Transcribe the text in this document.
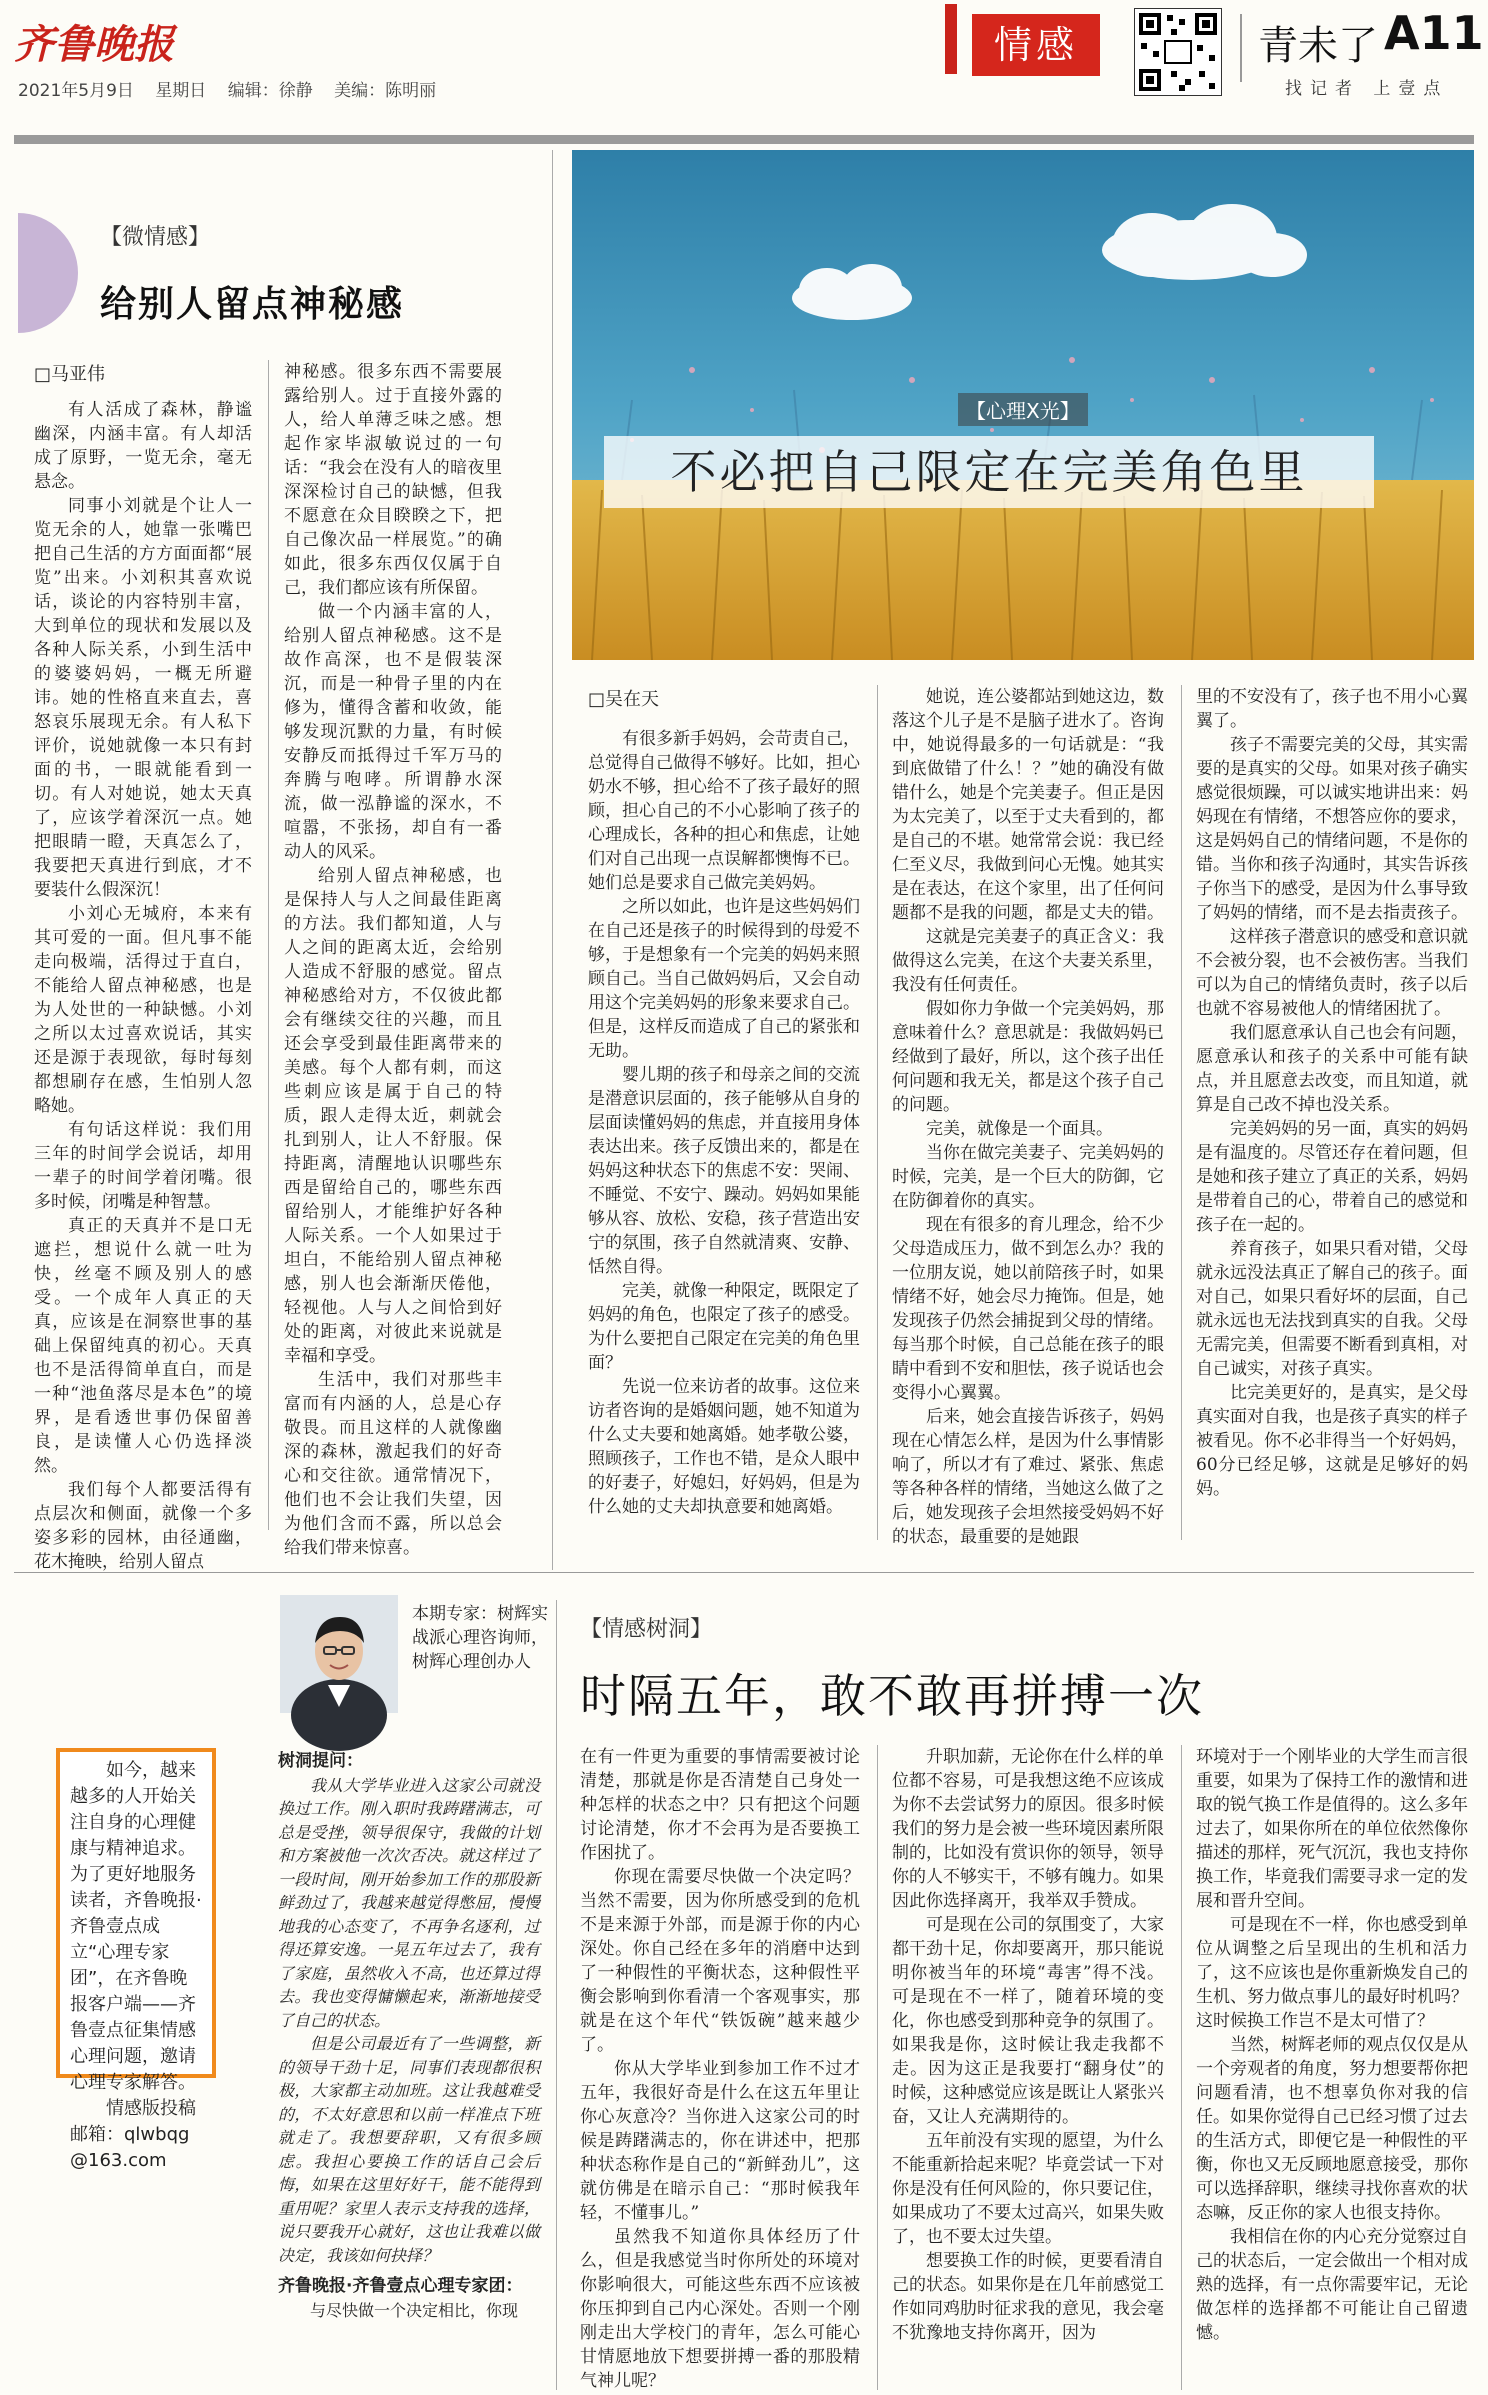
齐鲁晚报
2021年5月9日 星期日 编辑：徐静 美编：陈明丽
情感	青未了 A11
找记者 上壹点
【微情感】
给别人留点神秘感
□马亚伟

有人活成了森林，静谧幽深，内涵丰富。有人却活成了原野，一览无余，毫无悬念。

同事小刘就是个让人一览无余的人，她靠一张嘴巴把自己生活的方方面面都“展览”出来。小刘积其喜欢说话，谈论的内容特别丰富，大到单位的现状和发展以及各种人际关系，小到生活中的婆婆妈妈，一概无所避讳。她的性格直来直去，喜怒哀乐展现无余。有人私下评价，说她就像一本只有封面的书，一眼就能看到一切。有人对她说，她太天真了，应该学着深沉一点。她把眼睛一瞪，天真怎么了，我要把天真进行到底，才不要装什么假深沉！

小刘心无城府，本来有其可爱的一面。但凡事不能走向极端，活得过于直白，不能给人留点神秘感，也是为人处世的一种缺憾。小刘之所以太过喜欢说话，其实还是源于表现欲，每时每刻都想刷存在感，生怕别人忽略她。

有句话这样说：我们用三年的时间学会说话，却用一辈子的时间学着闭嘴。很多时候，闭嘴是种智慧。

真正的天真并不是口无遮拦，想说什么就一吐为快，丝毫不顾及别人的感受。一个成年人真正的天真，应该是在洞察世事的基础上保留纯真的初心。天真也不是活得简单直白，而是一种“池鱼落尽是本色”的境界，是看透世事仍保留善良，是读懂人心仍选择淡然。

我们每个人都要活得有点层次和侧面，就像一个多姿多彩的园林，由径通幽，花木掩映，给别人留点

神秘感。很多东西不需要展露给别人。过于直接外露的人，给人单薄乏味之感。想起作家毕淑敏说过的一句话：“我会在没有人的暗夜里深深检讨自己的缺憾，但我不愿意在众目睽睽之下，把自己像次品一样展览。”的确如此，很多东西仅仅属于自己，我们都应该有所保留。

做一个内涵丰富的人，给别人留点神秘感。这不是故作高深，也不是假装深沉，而是一种骨子里的内在修为，懂得含蓄和收敛，能够发现沉默的力量，有时候安静反而抵得过千军万马的奔腾与咆哮。所谓静水深流，做一泓静谧的深水，不喧嚣，不张扬，却自有一番动人的风采。

给别人留点神秘感，也是保持人与人之间最佳距离的方法。我们都知道，人与人之间的距离太近，会给别人造成不舒服的感觉。留点神秘感给对方，不仅彼此都会有继续交往的兴趣，而且还会享受到最佳距离带来的美感。每个人都有刺，而这些刺应该是属于自己的特质，跟人走得太近，刺就会扎到别人，让人不舒服。保持距离，清醒地认识哪些东西是留给自己的，哪些东西留给别人，才能维护好各种人际关系。一个人如果过于坦白，不能给别人留点神秘感，别人也会渐渐厌倦他，轻视他。人与人之间恰到好处的距离，对彼此来说就是幸福和享受。

生活中，我们对那些丰富而有内涵的人，总是心存敬畏。而且这样的人就像幽深的森林，激起我们的好奇心和交往欲。通常情况下，他们也不会让我们失望，因为他们含而不露，所以总会给我们带来惊喜。

【心理X光】
不必把自己限定在完美角色里
□吴在天

有很多新手妈妈，会苛责自己，总觉得自己做得不够好。比如，担心奶水不够，担心给不了孩子最好的照顾，担心自己的不小心影响了孩子的心理成长，各种的担心和焦虑，让她们对自己出现一点误解都懊悔不已。她们总是要求自己做完美妈妈。

之所以如此，也许是这些妈妈们在自己还是孩子的时候得到的母爱不够，于是想象有一个完美的妈妈来照顾自己。当自己做妈妈后，又会自动用这个完美妈妈的形象来要求自己。但是，这样反而造成了自己的紧张和无助。

婴儿期的孩子和母亲之间的交流是潜意识层面的，孩子能够从自身的层面读懂妈妈的焦虑，并直接用身体表达出来。孩子反馈出来的，都是在妈妈这种状态下的焦虑不安：哭闹、不睡觉、不安宁、躁动。妈妈如果能够从容、放松、安稳，孩子营造出安宁的氛围，孩子自然就清爽、安静、恬然自得。

完美，就像一种限定，既限定了妈妈的角色，也限定了孩子的感受。为什么要把自己限定在完美的角色里面？

先说一位来访者的故事。这位来访者咨询的是婚姻问题，她不知道为什么丈夫要和她离婚。她孝敬公婆，照顾孩子，工作也不错，是众人眼中的好妻子，好媳妇，好妈妈，但是为什么她的丈夫却执意要和她离婚。

她说，连公婆都站到她这边，数落这个儿子是不是脑子进水了。咨询中，她说得最多的一句话就是：“我到底做错了什么！？”她的确没有做错什么，她是个完美妻子。但正是因为太完美了，以至于丈夫看到的，都是自己的不堪。她常常会说：我已经仁至义尽，我做到问心无愧。她其实是在表达，在这个家里，出了任何问题都不是我的问题，都是丈夫的错。

这就是完美妻子的真正含义：我做得这么完美，在这个夫妻关系里，我没有任何责任。

假如你力争做一个完美妈妈，那意味着什么？意思就是：我做妈妈已经做到了最好，所以，这个孩子出任何问题和我无关，都是这个孩子自己的问题。

完美，就像是一个面具。

当你在做完美妻子、完美妈妈的时候，完美，是一个巨大的防御，它在防御着你的真实。

现在有很多的育儿理念，给不少父母造成压力，做不到怎么办？我的一位朋友说，她以前陪孩子时，如果情绪不好，她会尽力掩饰。但是，她发现孩子仍然会捕捉到父母的情绪。每当那个时候，自己总能在孩子的眼睛中看到不安和胆怯，孩子说话也会变得小心翼翼。

后来，她会直接告诉孩子，妈妈现在心情怎么样，是因为什么事情影响了，所以才有了难过、紧张、焦虑等各种各样的情绪，当她这么做了之后，她发现孩子会坦然接受妈妈不好的状态，最重要的是她跟

里的不安没有了，孩子也不用小心翼翼了。

孩子不需要完美的父母，其实需要的是真实的父母。如果对孩子确实感觉很烦躁，可以诚实地讲出来：妈妈现在有情绪，不想答应你的要求，这是妈妈自己的情绪问题，不是你的错。当你和孩子沟通时，其实告诉孩子你当下的感受，是因为什么事导致了妈妈的情绪，而不是去指责孩子。

这样孩子潜意识的感受和意识就不会被分裂，也不会被伤害。当我们可以为自己的情绪负责时，孩子以后也就不容易被他人的情绪困扰了。

我们愿意承认自己也会有问题，愿意承认和孩子的关系中可能有缺点，并且愿意去改变，而且知道，就算是自己改不掉也没关系。

完美妈妈的另一面，真实的妈妈是有温度的。尽管还存在着问题，但是她和孩子建立了真正的关系，妈妈是带着自己的心，带着自己的感觉和孩子在一起的。

养育孩子，如果只看对错，父母就永远没法真正了解自己的孩子。面对自己，如果只看好坏的层面，自己就永远也无法找到真实的自我。父母无需完美，但需要不断看到真相，对自己诚实，对孩子真实。

比完美更好的，是真实，是父母真实面对自我，也是孩子真实的样子被看见。你不必非得当一个好妈妈，60分已经足够，这就是足够好的妈妈。

本期专家：树辉实战派心理咨询师，树辉心理创办人
如今，越来越多的人开始关注自身的心理健康与精神追求。为了更好地服务读者，齐鲁晚报·齐鲁壹点成立“心理专家团”，在齐鲁晚报客户端——齐鲁壹点征集情感心理问题，邀请心理专家解答。
情感版投稿邮箱：qlwbqg@163.com
【情感树洞】
时隔五年，敢不敢再拼搏一次
树洞提问：

我从大学毕业进入这家公司就没换过工作。刚入职时我踌躇满志，可总是受挫，领导很保守，我做的计划和方案被他一次次否决。就这样过了一段时间，刚开始参加工作的那股新鲜劲过了，我越来越觉得憋屈，慢慢地我的心态变了，不再争名逐利，过得还算安逸。一晃五年过去了，我有了家庭，虽然收入不高，也还算过得去。我也变得慵懒起来，渐渐地接受了自己的状态。

但是公司最近有了一些调整，新的领导干劲十足，同事们表现都很积极，大家都主动加班。这让我越难受的，不太好意思和以前一样准点下班就走了。我想要辞职，又有很多顾虑。我担心要换工作的话自己会后悔，如果在这里好好干，能不能得到重用呢？家里人表示支持我的选择，说只要我开心就好，这也让我难以做决定，我该如何抉择？

齐鲁晚报·齐鲁壹点心理专家团：

与尽快做一个决定相比，你现

在有一件更为重要的事情需要被讨论清楚，那就是你是否清楚自己身处一种怎样的状态之中？只有把这个问题讨论清楚，你才不会再为是否要换工作困扰了。

你现在需要尽快做一个决定吗？当然不需要，因为你所感受到的危机不是来源于外部，而是源于你的内心深处。你自己经在多年的消磨中达到了一种假性的平衡状态，这种假性平衡会影响到你看清一个客观事实，那就是在这个年代“铁饭碗”越来越少了。

你从大学毕业到参加工作不过才五年，我很好奇是什么在这五年里让你心灰意冷？当你进入这家公司的时候是踌躇满志的，你在讲述中，把那种状态称作是自己的“新鲜劲儿”，这就仿佛是在暗示自己：“那时候我年轻，不懂事儿。”

虽然我不知道你具体经历了什么，但是我感觉当时你所处的环境对你影响很大，可能这些东西不应该被你压抑到自己内心深处。否则一个刚刚走出大学校门的青年，怎么可能心甘情愿地放下想要拼搏一番的那股精气神儿呢？

升职加薪，无论你在什么样的单位都不容易，可是我想这绝不应该成为你不去尝试努力的原因。很多时候我们的努力是会被一些环境因素所限制的，比如没有赏识你的领导，领导你的人不够实干，不够有魄力。如果因此你选择离开，我举双手赞成。

可是现在公司的氛围变了，大家都干劲十足，你却要离开，那只能说明你被当年的环境“毒害”得不浅。可是现在不一样了，随着环境的变化，你也感受到那种竞争的氛围了。如果我是你，这时候让我走我都不走。因为这正是我要打“翻身仗”的时候，这种感觉应该是既让人紧张兴奋，又让人充满期待的。

五年前没有实现的愿望，为什么不能重新拾起来呢？毕竟尝试一下对你是没有任何风险的，你只要记住，如果成功了不要太过高兴，如果失败了，也不要太过失望。

想要换工作的时候，更要看清自己的状态。如果你是在几年前感觉工作如同鸡肋时征求我的意见，我会毫不犹豫地支持你离开，因为

环境对于一个刚毕业的大学生而言很重要，如果为了保持工作的激情和进取的锐气换工作是值得的。这么多年过去了，如果你所在的单位依然像你描述的那样，死气沉沉，我也支持你换工作，毕竟我们需要寻求一定的发展和晋升空间。

可是现在不一样，你也感受到单位从调整之后呈现出的生机和活力了，这不应该也是你重新焕发自己的生机、努力做点事儿的最好时机吗？这时候换工作岂不是太可惜了？

当然，树辉老师的观点仅仅是从一个旁观者的角度，努力想要帮你把问题看清，也不想辜负你对我的信任。如果你觉得自己已经习惯了过去的生活方式，即便它是一种假性的平衡，你也又无反顾地愿意接受，那你可以选择辞职，继续寻找你喜欢的状态嘛，反正你的家人也很支持你。

我相信在你的内心充分觉察过自己的状态后，一定会做出一个相对成熟的选择，有一点你需要牢记，无论做怎样的选择都不可能让自己留遗憾。
